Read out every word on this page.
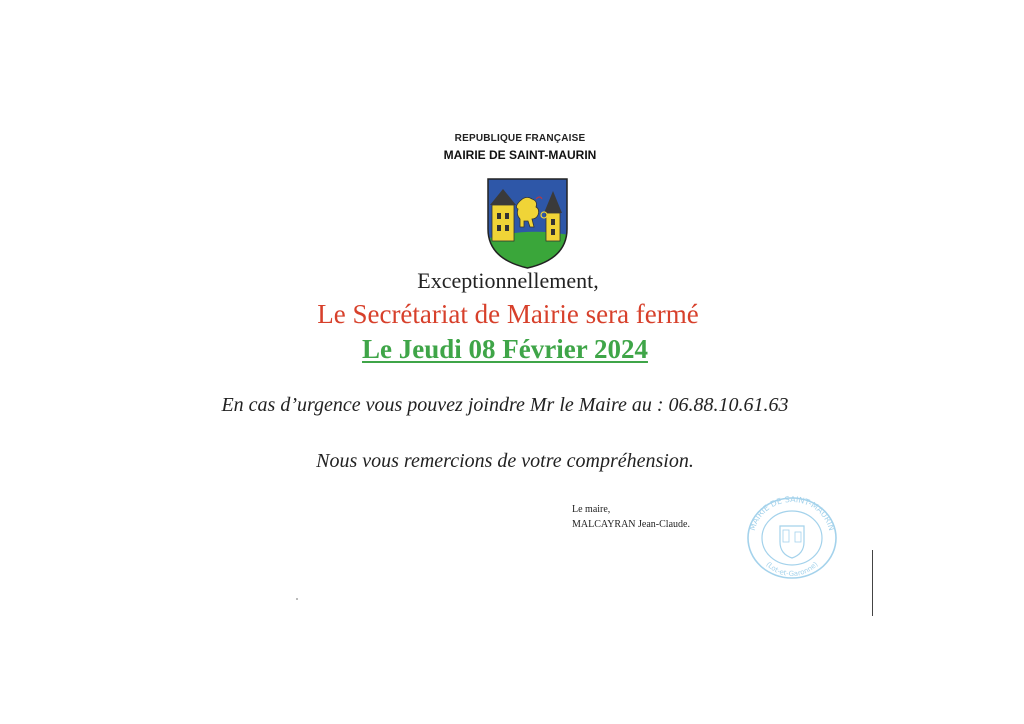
REPUBLIQUE FRANÇAISE
MAIRIE DE SAINT-MAURIN
Exceptionnellement,
Le Secrétariat de Mairie sera fermé
Le Jeudi 08 Février 2024
En cas d’urgence vous pouvez joindre Mr le Maire au : 06.88.10.61.63
Nous vous remercions de votre compréhension.
Le maire,
MALCAYRAN Jean-Claude.	MAIRIE DE SAINT-MAURIN
(Lot-et-Garonne)
